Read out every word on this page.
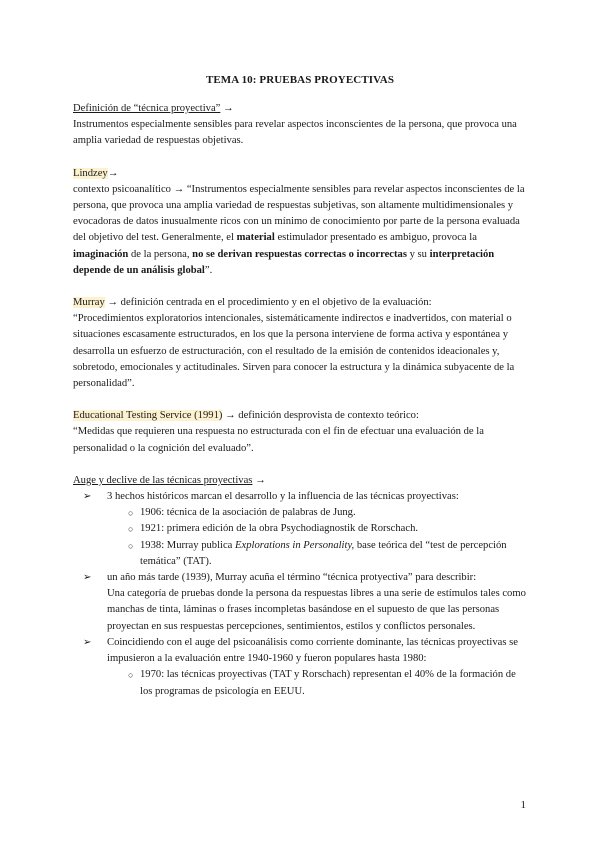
TEMA 10: PRUEBAS PROYECTIVAS

Definición de “técnica proyectiva” →

Instrumentos especialmente sensibles para revelar aspectos inconscientes de la persona, que provoca una amplia variedad de respuestas objetivas.

Lindzey→

contexto psicoanalítico → “Instrumentos especialmente sensibles para revelar aspectos inconscientes de la persona, que provoca una amplia variedad de respuestas subjetivas, son altamente multidimensionales y evocadoras de datos inusualmente ricos con un mínimo de conocimiento por parte de la persona evaluada del objetivo del test. Generalmente, el material estimulador presentado es ambiguo, provoca la imaginación de la persona, no se derivan respuestas correctas o incorrectas y su interpretación depende de un análisis global”.

Murray → definición centrada en el procedimiento y en el objetivo de la evaluación:

“Procedimientos exploratorios intencionales, sistemáticamente indirectos e inadvertidos, con material o situaciones escasamente estructurados, en los que la persona interviene de forma activa y espontánea y desarrolla un esfuerzo de estructuración, con el resultado de la emisión de contenidos ideacionales y, sobretodo, emocionales y actitudinales. Sirven para conocer la estructura y la dinámica subyacente de la personalidad”.

Educational Testing Service (1991) → definición desprovista de contexto teórico:

“Medidas que requieren una respuesta no estructurada con el fin de efectuar una evaluación de la personalidad o la cognición del evaluado”.

Auge y declive de las técnicas proyectivas →

➢ 3 hechos históricos marcan el desarrollo y la influencia de las técnicas proyectivas:
○ 1906: técnica de la asociación de palabras de Jung.
○ 1921: primera edición de la obra Psychodiagnostik de Rorschach.
○ 1938: Murray publica Explorations in Personality, base teórica del “test de percepción temática” (TAT).
➢ un año más tarde (1939), Murray acuña el término “técnica protyectiva” para describir:

Una categoría de pruebas donde la persona da respuestas libres a una serie de estímulos tales como manchas de tinta, láminas o frases incompletas basándose en el supuesto de que las personas proyectan en sus respuestas percepciones, sentimientos, estilos y conflictos personales.

➢ Coincidiendo con el auge del psicoanálisis como corriente dominante, las técnicas proyectivas se impusieron a la evaluación entre 1940-1960 y fueron populares hasta 1980:
○ 1970: las técnicas proyectivas (TAT y Rorschach) representan el 40% de la formación de los programas de psicología en EEUU.
1
